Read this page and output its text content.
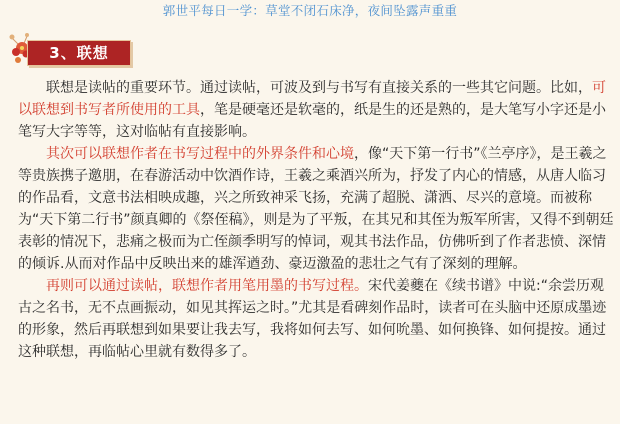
郭世平每日一学：草堂不闭石床净，夜间坠露声重重
3、联想

联想是读帖的重要环节。通过读帖，可波及到与书写有直接关系的一些其它问题。比如，可以联想到书写者所使用的工具，笔是硬毫还是软毫的，纸是生的还是熟的，是大笔写小字还是小笔写大字等等，这对临帖有直接影响。

其次可以联想作者在书写过程中的外界条件和心境，像“天下第一行书”《兰亭序》，是王羲之等贵族携子邀朋，在春游活动中饮酒作诗，王羲之乘酒兴所为，抒发了内心的情感，从唐人临习的作品看，文意书法相映成趣，兴之所致神采飞扬，充满了超脱、潇洒、尽兴的意境。而被称为“天下第二行书”颜真卿的《祭侄稿》，则是为了平叛，在其兄和其侄为叛军所害，又得不到朝廷表彰的情况下，悲痛之极而为亡侄颜季明写的悼词，观其书法作品，仿佛听到了作者悲愤、深情的倾诉.从而对作品中反映出来的雄浑遒劲、豪迈激盈的悲壮之气有了深刻的理解。

再则可以通过读帖，联想作者用笔用墨的书写过程。宋代姜夔在《续书谱》中说:“余尝历观古之名书，无不点画振动，如见其挥运之时。”尤其是看碑刻作品时，读者可在头脑中还原成墨迹的形象，然后再联想到如果要让我去写，我将如何去写、如何吮墨、如何换锋、如何提按。通过这种联想，再临帖心里就有数得多了。
